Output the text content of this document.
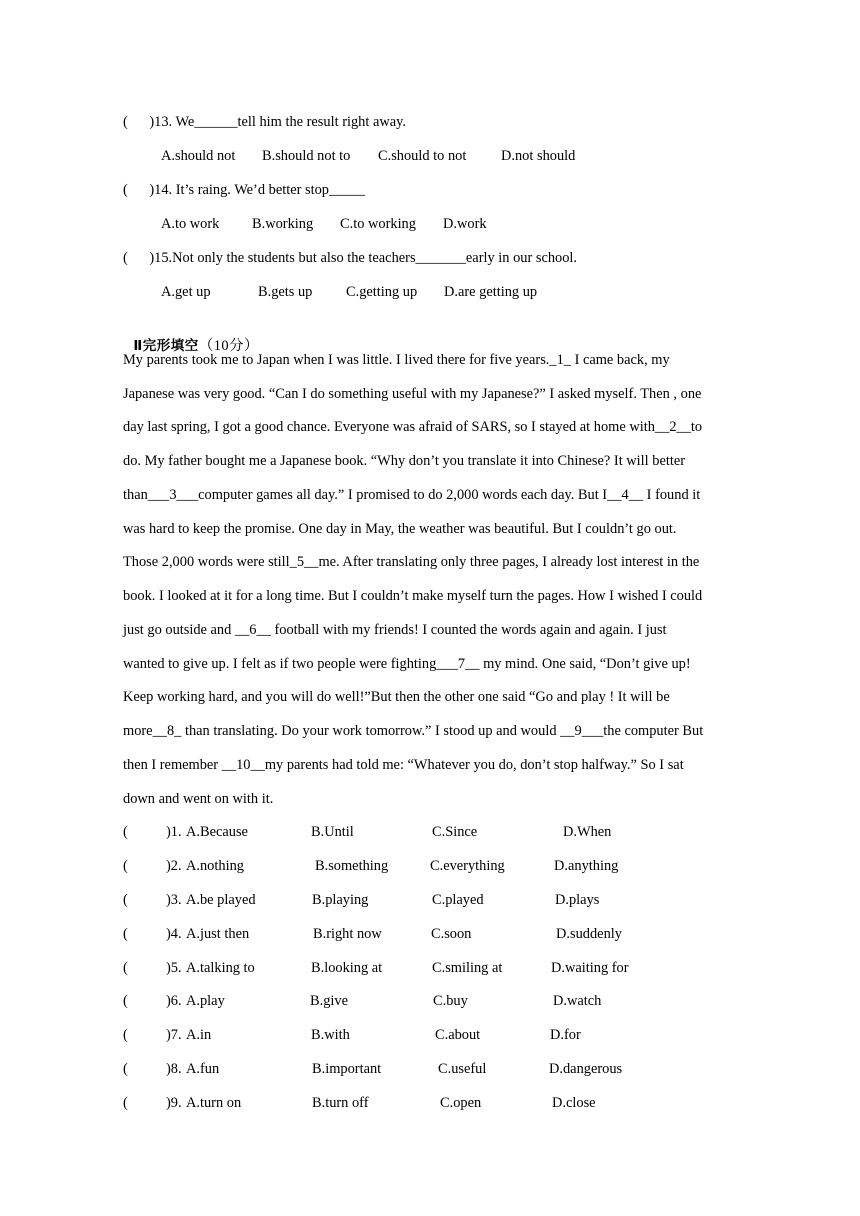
(      )13. We______tell him the result right away.
A.should not B.should not to C.should to not D.not should
(      )14. It’s raing. We’d better stop_____
A.to work B.working C.to working D.work
(      )15.Not only the students but also the teachers_______early in our school.
A.get up	B.gets up C.getting up D.are getting up

Ⅱ完形填空（10分）

My parents took me to Japan when I was little. I lived there for five years._1_ I came back, my
Japanese was very good. “Can I do something useful with my Japanese?” I asked myself. Then , one
day last spring, I got a good chance. Everyone was afraid of SARS, so I stayed at home with__2__to
do. My father bought me a Japanese book. “Why don’t you translate it into Chinese? It will better
than___3___computer games all day.” I promised to do 2,000 words each day. But I__4__ I found it
was hard to keep the promise. One day in May, the weather was beautiful. But I couldn’t go out.
Those 2,000 words were still_5__me. After translating only three pages, I already lost interest in the
book. I looked at it for a long time. But I couldn’t make myself turn the pages. How I wished I could
just go outside and __6__ football with my friends! I counted the words again and again. I just
wanted to give up. I felt as if two people were fighting___7__ my mind. One said, “Don’t give up!
Keep working hard, and you will do well!”But then the other one said “Go and play ! It will be
more__8_ than translating. Do your work tomorrow.” I stood up and would __9___the computer But
then I remember __10__my parents had told me: “Whatever you do, don’t stop halfway.” So I sat
down and went on with it.
(	)1. A.Because	B.Until	C.Since	D.When
(	)2. A.nothing	B.something	C.everything	D.anything
(	)3. A.be played	B.playing	C.played	D.plays
(	)4. A.just then	B.right now	C.soon	D.suddenly
(	)5. A.talking to	B.looking at	C.smiling at	D.waiting for
(	)6. A.play	B.give	C.buy	D.watch
(	)7. A.in	B.with	C.about	D.for
(	)8. A.fun	B.important	C.useful	D.dangerous
(	)9. A.turn on	B.turn off	C.open	D.close
